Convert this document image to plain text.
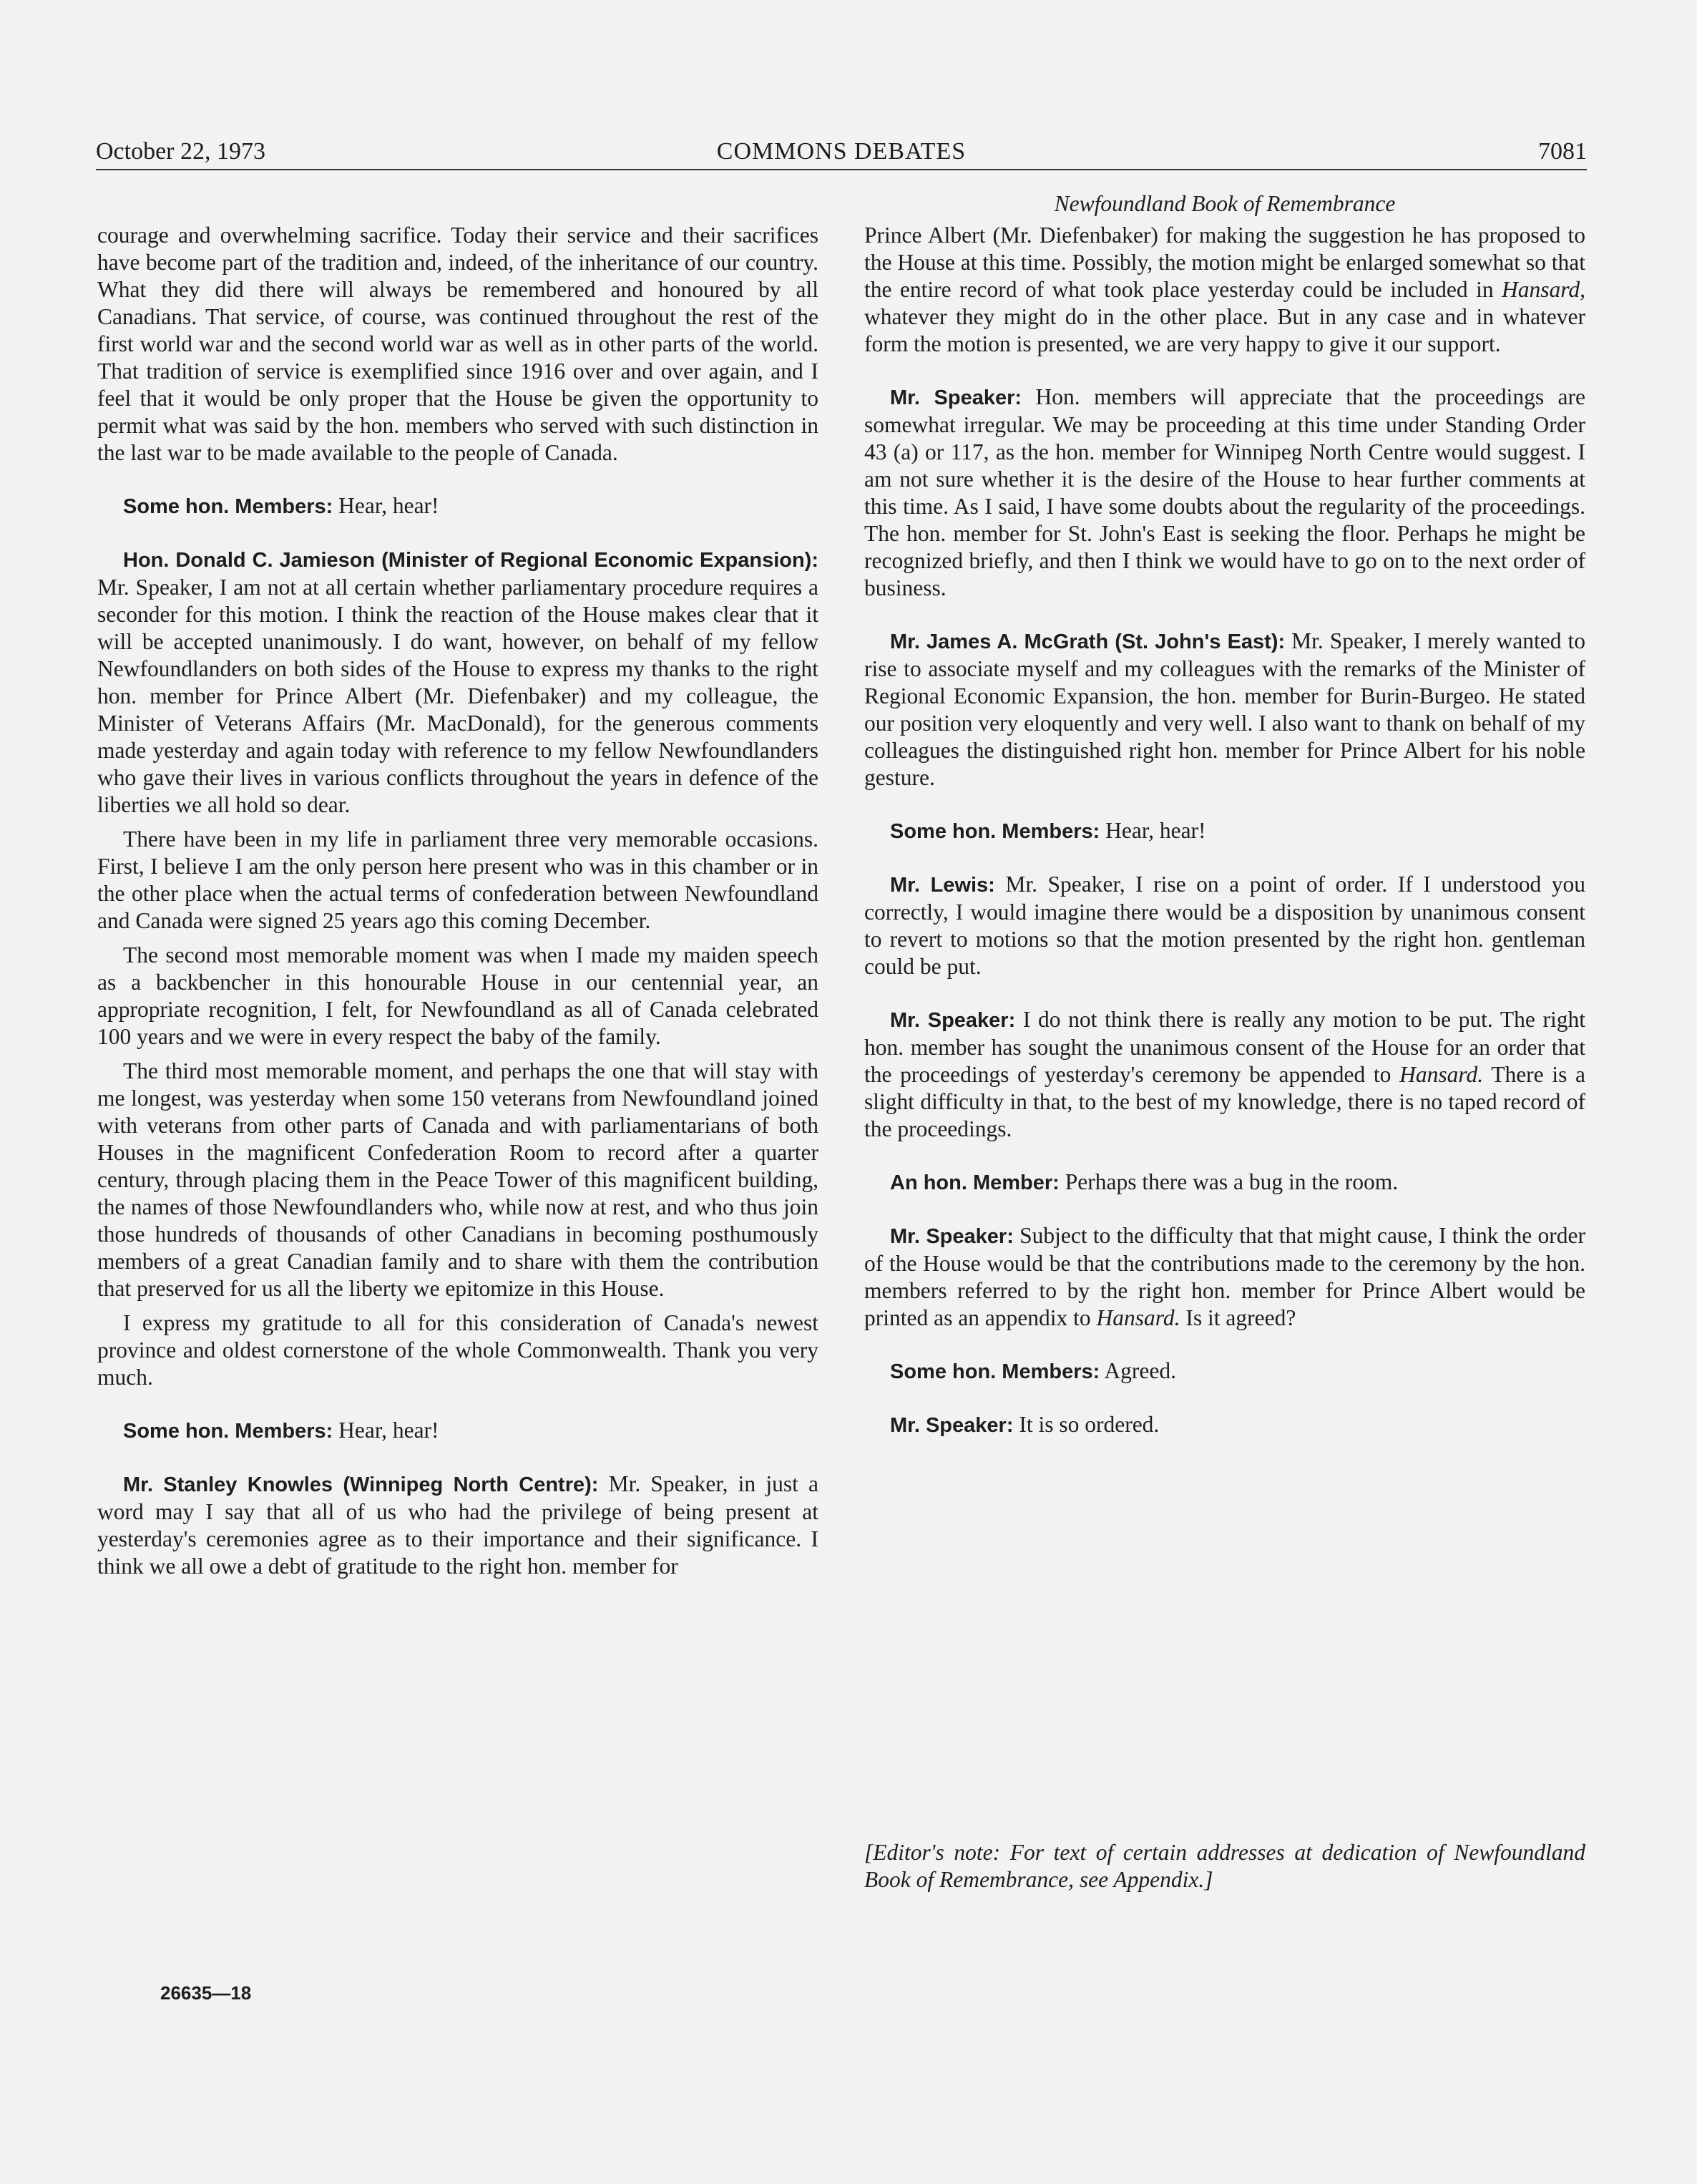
October 22, 1973	COMMONS DEBATES	7081
Newfoundland Book of Remembrance

courage and overwhelming sacrifice. Today their service and their sacrifices have become part of the tradition and, indeed, of the inheritance of our country. What they did there will always be remembered and honoured by all Canadians. That service, of course, was continued throughout the rest of the first world war and the second world war as well as in other parts of the world. That tradition of service is exemplified since 1916 over and over again, and I feel that it would be only proper that the House be given the opportunity to permit what was said by the hon. members who served with such distinction in the last war to be made available to the people of Canada.

Some hon. Members: Hear, hear!

Hon. Donald C. Jamieson (Minister of Regional Economic Expansion): Mr. Speaker, I am not at all certain whether parliamentary procedure requires a seconder for this motion. I think the reaction of the House makes clear that it will be accepted unanimously. I do want, however, on behalf of my fellow Newfoundlanders on both sides of the House to express my thanks to the right hon. member for Prince Albert (Mr. Diefenbaker) and my colleague, the Minister of Veterans Affairs (Mr. MacDonald), for the generous comments made yesterday and again today with reference to my fellow Newfoundlanders who gave their lives in various conflicts throughout the years in defence of the liberties we all hold so dear.

There have been in my life in parliament three very memorable occasions. First, I believe I am the only person here present who was in this chamber or in the other place when the actual terms of confederation between Newfoundland and Canada were signed 25 years ago this coming December.

The second most memorable moment was when I made my maiden speech as a backbencher in this honourable House in our centennial year, an appropriate recognition, I felt, for Newfoundland as all of Canada celebrated 100 years and we were in every respect the baby of the family.

The third most memorable moment, and perhaps the one that will stay with me longest, was yesterday when some 150 veterans from Newfoundland joined with veterans from other parts of Canada and with parliamentarians of both Houses in the magnificent Confederation Room to record after a quarter century, through placing them in the Peace Tower of this magnificent building, the names of those Newfoundlanders who, while now at rest, and who thus join those hundreds of thousands of other Canadians in becoming posthumously members of a great Canadian family and to share with them the contribution that preserved for us all the liberty we epitomize in this House.

I express my gratitude to all for this consideration of Canada's newest province and oldest cornerstone of the whole Commonwealth. Thank you very much.

Some hon. Members: Hear, hear!

Mr. Stanley Knowles (Winnipeg North Centre): Mr. Speaker, in just a word may I say that all of us who had the privilege of being present at yesterday's ceremonies agree as to their importance and their significance. I think we all owe a debt of gratitude to the right hon. member for

Prince Albert (Mr. Diefenbaker) for making the suggestion he has proposed to the House at this time. Possibly, the motion might be enlarged somewhat so that the entire record of what took place yesterday could be included in Hansard, whatever they might do in the other place. But in any case and in whatever form the motion is presented, we are very happy to give it our support.

Mr. Speaker: Hon. members will appreciate that the proceedings are somewhat irregular. We may be proceeding at this time under Standing Order 43 (a) or 117, as the hon. member for Winnipeg North Centre would suggest. I am not sure whether it is the desire of the House to hear further comments at this time. As I said, I have some doubts about the regularity of the proceedings. The hon. member for St. John's East is seeking the floor. Perhaps he might be recognized briefly, and then I think we would have to go on to the next order of business.

Mr. James A. McGrath (St. John's East): Mr. Speaker, I merely wanted to rise to associate myself and my colleagues with the remarks of the Minister of Regional Economic Expansion, the hon. member for Burin-Burgeo. He stated our position very eloquently and very well. I also want to thank on behalf of my colleagues the distinguished right hon. member for Prince Albert for his noble gesture.

Some hon. Members: Hear, hear!

Mr. Lewis: Mr. Speaker, I rise on a point of order. If I understood you correctly, I would imagine there would be a disposition by unanimous consent to revert to motions so that the motion presented by the right hon. gentleman could be put.

Mr. Speaker: I do not think there is really any motion to be put. The right hon. member has sought the unanimous consent of the House for an order that the proceedings of yesterday's ceremony be appended to Hansard. There is a slight difficulty in that, to the best of my knowledge, there is no taped record of the proceedings.

An hon. Member: Perhaps there was a bug in the room.

Mr. Speaker: Subject to the difficulty that that might cause, I think the order of the House would be that the contributions made to the ceremony by the hon. members referred to by the right hon. member for Prince Albert would be printed as an appendix to Hansard. Is it agreed?

Some hon. Members: Agreed.

Mr. Speaker: It is so ordered.

[Editor's note: For text of certain addresses at dedication of Newfoundland Book of Remembrance, see Appendix.]
26635—18
